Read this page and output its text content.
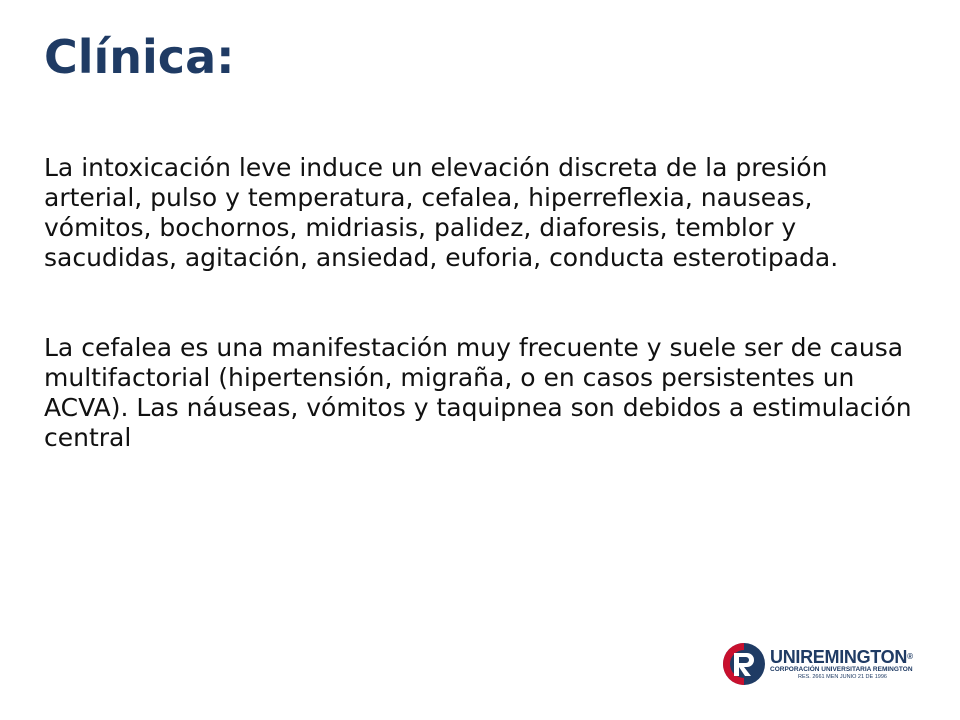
Clínica:

La intoxicación leve induce un elevación discreta de la presión arterial, pulso y temperatura, cefalea, hiperreflexia, nauseas, vómitos, bochornos, midriasis, palidez, diaforesis, temblor y sacudidas, agitación, ansiedad, euforia, conducta esterotipada.

La cefalea es una manifestación muy frecuente y suele ser de causa multifactorial (hipertensión, migraña, o en casos persistentes un ACVA). Las náuseas, vómitos y taquipnea son debidos a estimulación central

UNIREMINGTON®
CORPORACIÓN UNIVERSITARIA REMINGTON
RES. 2661 MEN JUNIO 21 DE 1996
